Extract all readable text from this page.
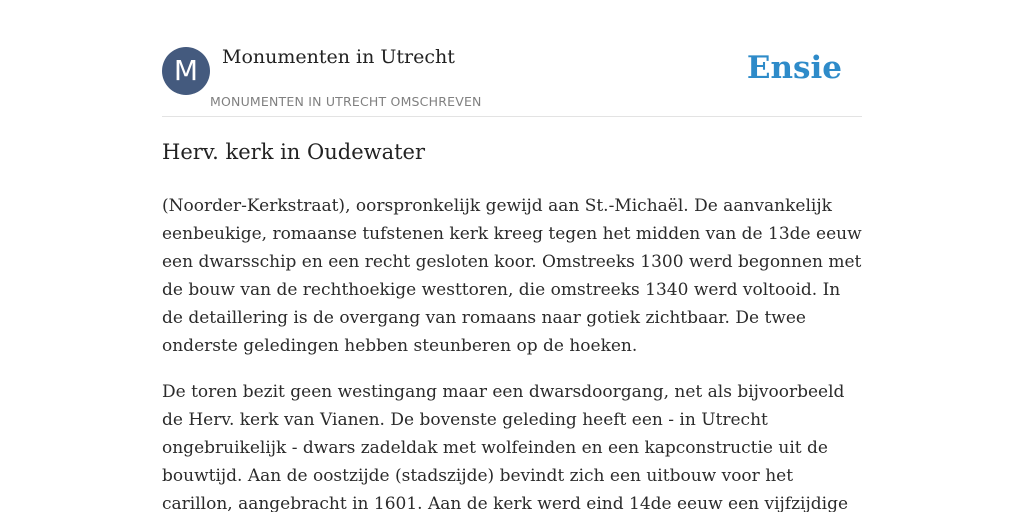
M	Monumenten in Utrecht
MONUMENTEN IN UTRECHT OMSCHREVEN
Ensie
Herv. kerk in Oudewater

(Noorder-Kerkstraat), oorspronkelijk gewijd aan St.-Michaël. De aanvankelijk eenbeukige, romaanse tufstenen kerk kreeg tegen het midden van de 13de eeuw een dwarsschip en een recht gesloten koor. Omstreeks 1300 werd begonnen met de bouw van de rechthoekige westtoren, die omstreeks 1340 werd voltooid. In de detaillering is de overgang van romaans naar gotiek zichtbaar. De twee onderste geledingen hebben steunberen op de hoeken.

De toren bezit geen westingang maar een dwarsdoorgang, net als bijvoorbeeld de Herv. kerk van Vianen. De bovenste geleding heeft een - in Utrecht ongebruikelijk - dwars zadeldak met wolfeinden en een kapconstructie uit de bouwtijd. Aan de oostzijde (stadszijde) bevindt zich een uitbouw voor het carillon, aangebracht in 1601. Aan de kerk werd eind 14de eeuw een vijfzijdige
